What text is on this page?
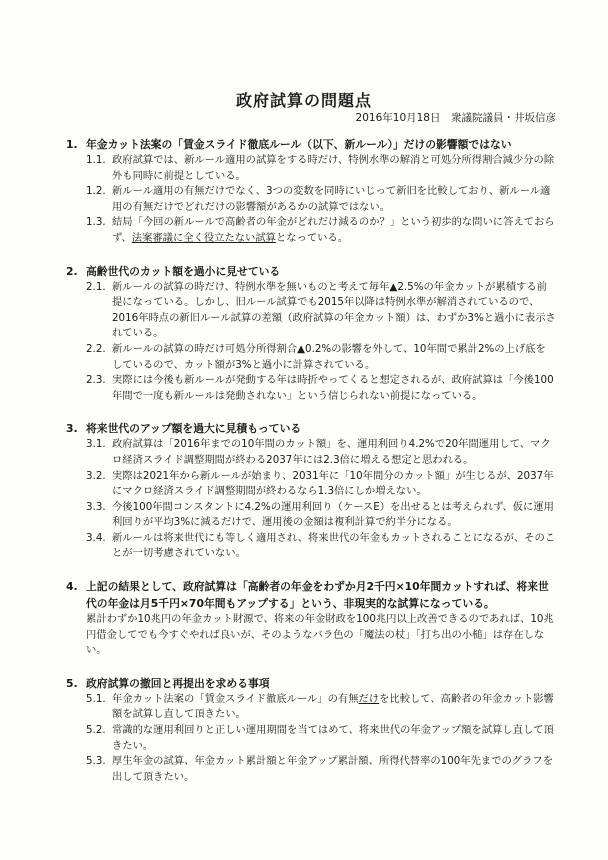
政府試算の問題点
2016年10月18日　衆議院議員・井坂信彦
1. 年金カット法案の「賃金スライド徹底ルール（以下、新ルール）」だけの影響額ではない
1.1. 政府試算では、新ルール適用の試算をする時だけ、特例水準の解消と可処分所得割合減少分の除外も同時に前提としている。
1.2. 新ルール適用の有無だけでなく、3つの変数を同時にいじって新旧を比較しており、新ルール適用の有無だけでどれだけの影響額があるかの試算ではない。
1.3. 結局「今回の新ルールで高齢者の年金がどれだけ減るのか？」という初歩的な問いに答えておらず、法案審議に全く役立たない試算となっている。
2. 高齢世代のカット額を過小に見せている
2.1. 新ルールの試算の時だけ、特例水準を無いものと考えて毎年▲2.5%の年金カットが累積する前提になっている。しかし、旧ルール試算でも2015年以降は特例水準が解消されているので、2016年時点の新旧ルール試算の差額（政府試算の年金カット額）は、わずか3%と過小に表示されている。
2.2. 新ルールの試算の時だけ可処分所得割合▲0.2%の影響を外して、10年間で累計2%の上げ底をしているので、カット額が3%と過小に計算されている。
2.3. 実際には今後も新ルールが発動する年は時折やってくると想定されるが、政府試算は「今後100年間で一度も新ルールは発動されない」という信じられない前提になっている。
3. 将来世代のアップ額を過大に見積もっている
3.1. 政府試算は「2016年までの10年間のカット額」を、運用利回り4.2%で20年間運用して、マクロ経済スライド調整期間が終わる2037年には2.3倍に増える想定と思われる。
3.2. 実際は2021年から新ルールが始まり、2031年に「10年間分のカット額」が生じるが、2037年にマクロ経済スライド調整期間が終わるなら1.3倍にしか増えない。
3.3. 今後100年間コンスタントに4.2%の運用利回り（ケースE）を出せるとは考えられず、仮に運用利回りが平均3%に減るだけで、運用後の金額は複利計算で約半分になる。
3.4. 新ルールは将来世代にも等しく適用され、将来世代の年金もカットされることになるが、そのことが一切考慮されていない。
4. 上記の結果として、政府試算は「高齢者の年金をわずか月2千円×10年間カットすれば、将来世代の年金は月5千円×70年間もアップする」という、非現実的な試算になっている。
累計わずか10兆円の年金カット財源で、将来の年金財政を100兆円以上改善できるのであれば、10兆円借金してでも今すぐやれば良いが、そのようなバラ色の「魔法の杖」「打ち出の小槌」は存在しない。
5. 政府試算の撤回と再提出を求める事項
5.1. 年金カット法案の「賃金スライド徹底ルール」の有無だけを比較して、高齢者の年金カット影響額を試算し直して頂きたい。
5.2. 常識的な運用利回りと正しい運用期間を当てはめて、将来世代の年金アップ額を試算し直して頂きたい。
5.3. 厚生年金の試算、年金カット累計額と年金アップ累計額、所得代替率の100年先までのグラフを出して頂きたい。
